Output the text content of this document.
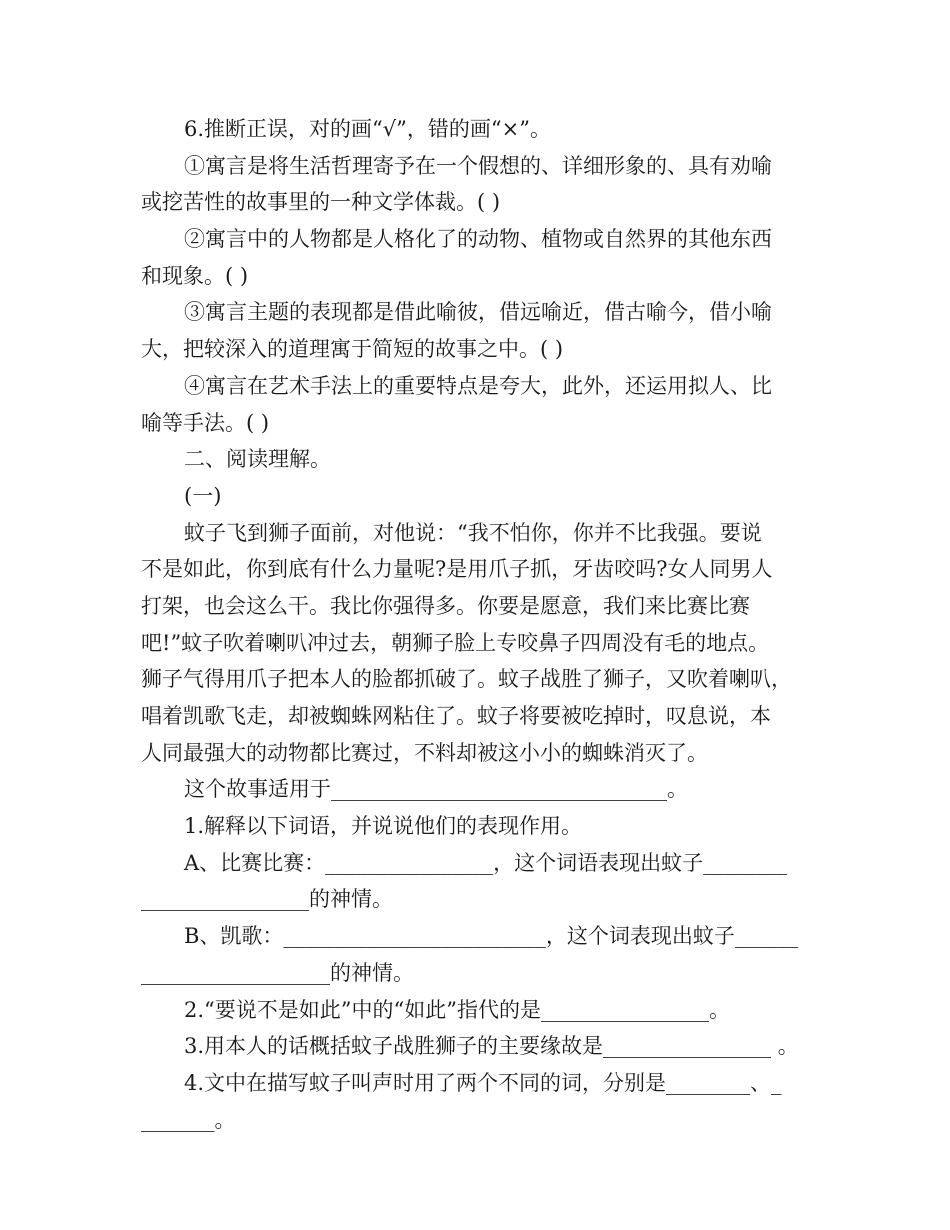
6.推断正误，对的画“√”，错的画“×”。
①寓言是将生活哲理寄予在一个假想的、详细形象的、具有劝喻
或挖苦性的故事里的一种文学体裁。( )
②寓言中的人物都是人格化了的动物、植物或自然界的其他东西
和现象。( )
③寓言主题的表现都是借此喻彼，借远喻近，借古喻今，借小喻
大，把较深入的道理寓于简短的故事之中。( )
④寓言在艺术手法上的重要特点是夸大，此外，还运用拟人、比
喻等手法。( )
二、阅读理解。
(一)
蚊子飞到狮子面前，对他说：“我不怕你，你并不比我强。要说
不是如此，你到底有什么力量呢?是用爪子抓，牙齿咬吗?女人同男人
打架，也会这么干。我比你强得多。你要是愿意，我们来比赛比赛
吧!”蚊子吹着喇叭冲过去，朝狮子脸上专咬鼻子四周没有毛的地点。
狮子气得用爪子把本人的脸都抓破了。蚊子战胜了狮子，又吹着喇叭，
唱着凯歌飞走，却被蜘蛛网粘住了。蚊子将要被吃掉时，叹息说，本
人同最强大的动物都比赛过，不料却被这小小的蜘蛛消灭了。
这个故事适用于________________________________。
1.解释以下词语，并说说他们的表现作用。
A、比赛比赛：________________，这个词语表现出蚊子________
________________的神情。
B、凯歌：_________________________，这个词表现出蚊子______
__________________的神情。
2.“要说不是如此”中的“如此”指代的是________________。
3.用本人的话概括蚊子战胜狮子的主要缘故是________________ 。
4.文中在描写蚊子叫声时用了两个不同的词，分别是________、_
_______。
